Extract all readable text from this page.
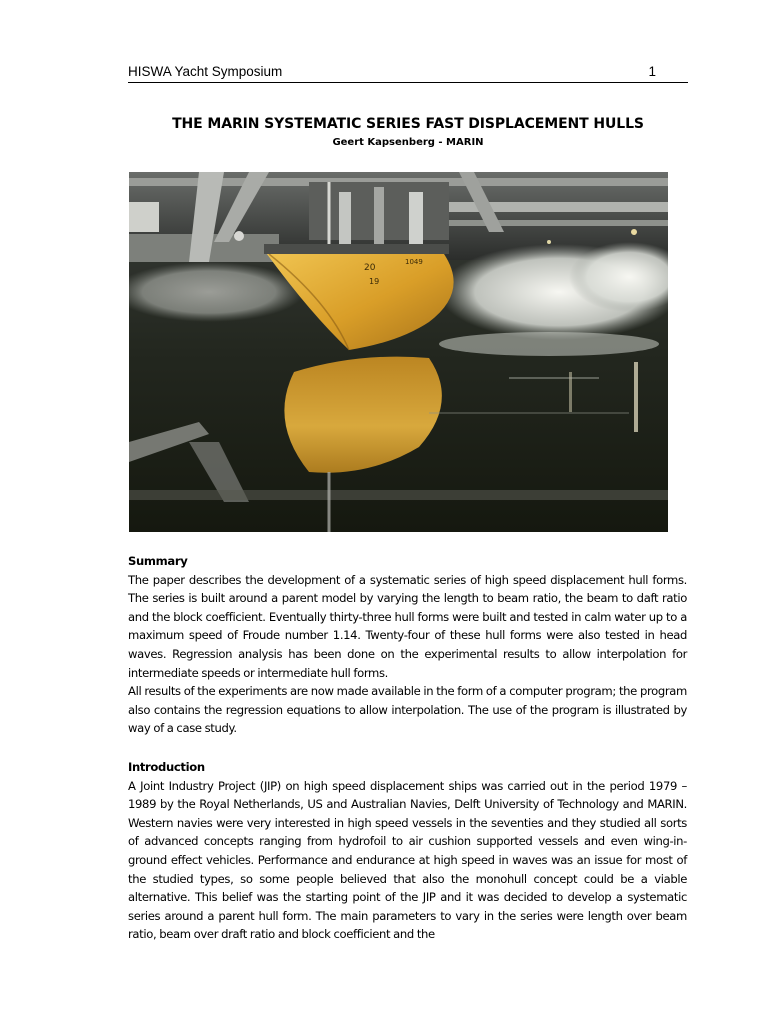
HISWA Yacht Symposium	1
THE MARIN SYSTEMATIC SERIES FAST DISPLACEMENT HULLS
Geert Kapsenberg - MARIN
20
19
1049
Summary

The paper describes the development of a systematic series of high speed displacement hull forms. The series is built around a parent model by varying the length to beam ratio, the beam to daft ratio and the block coefficient. Eventually thirty-three hull forms were built and tested in calm water up to a maximum speed of Froude number 1.14. Twenty-four of these hull forms were also tested in head waves. Regression analysis has been done on the experimental results to allow interpolation for intermediate speeds or intermediate hull forms.

All results of the experiments are now made available in the form of a computer program; the program also contains the regression equations to allow interpolation. The use of the program is illustrated by way of a case study.

Introduction

A Joint Industry Project (JIP) on high speed displacement ships was carried out in the period 1979 – 1989 by the Royal Netherlands, US and Australian Navies, Delft University of Technology and MARIN. Western navies were very interested in high speed vessels in the seventies and they studied all sorts of advanced concepts ranging from hydrofoil to air cushion supported vessels and even wing-in-ground effect vehicles. Performance and endurance at high speed in waves was an issue for most of the studied types, so some people believed that also the monohull concept could be a viable alternative. This belief was the starting point of the JIP and it was decided to develop a systematic series around a parent hull form. The main parameters to vary in the series were length over beam ratio, beam over draft ratio and block coefficient and the
